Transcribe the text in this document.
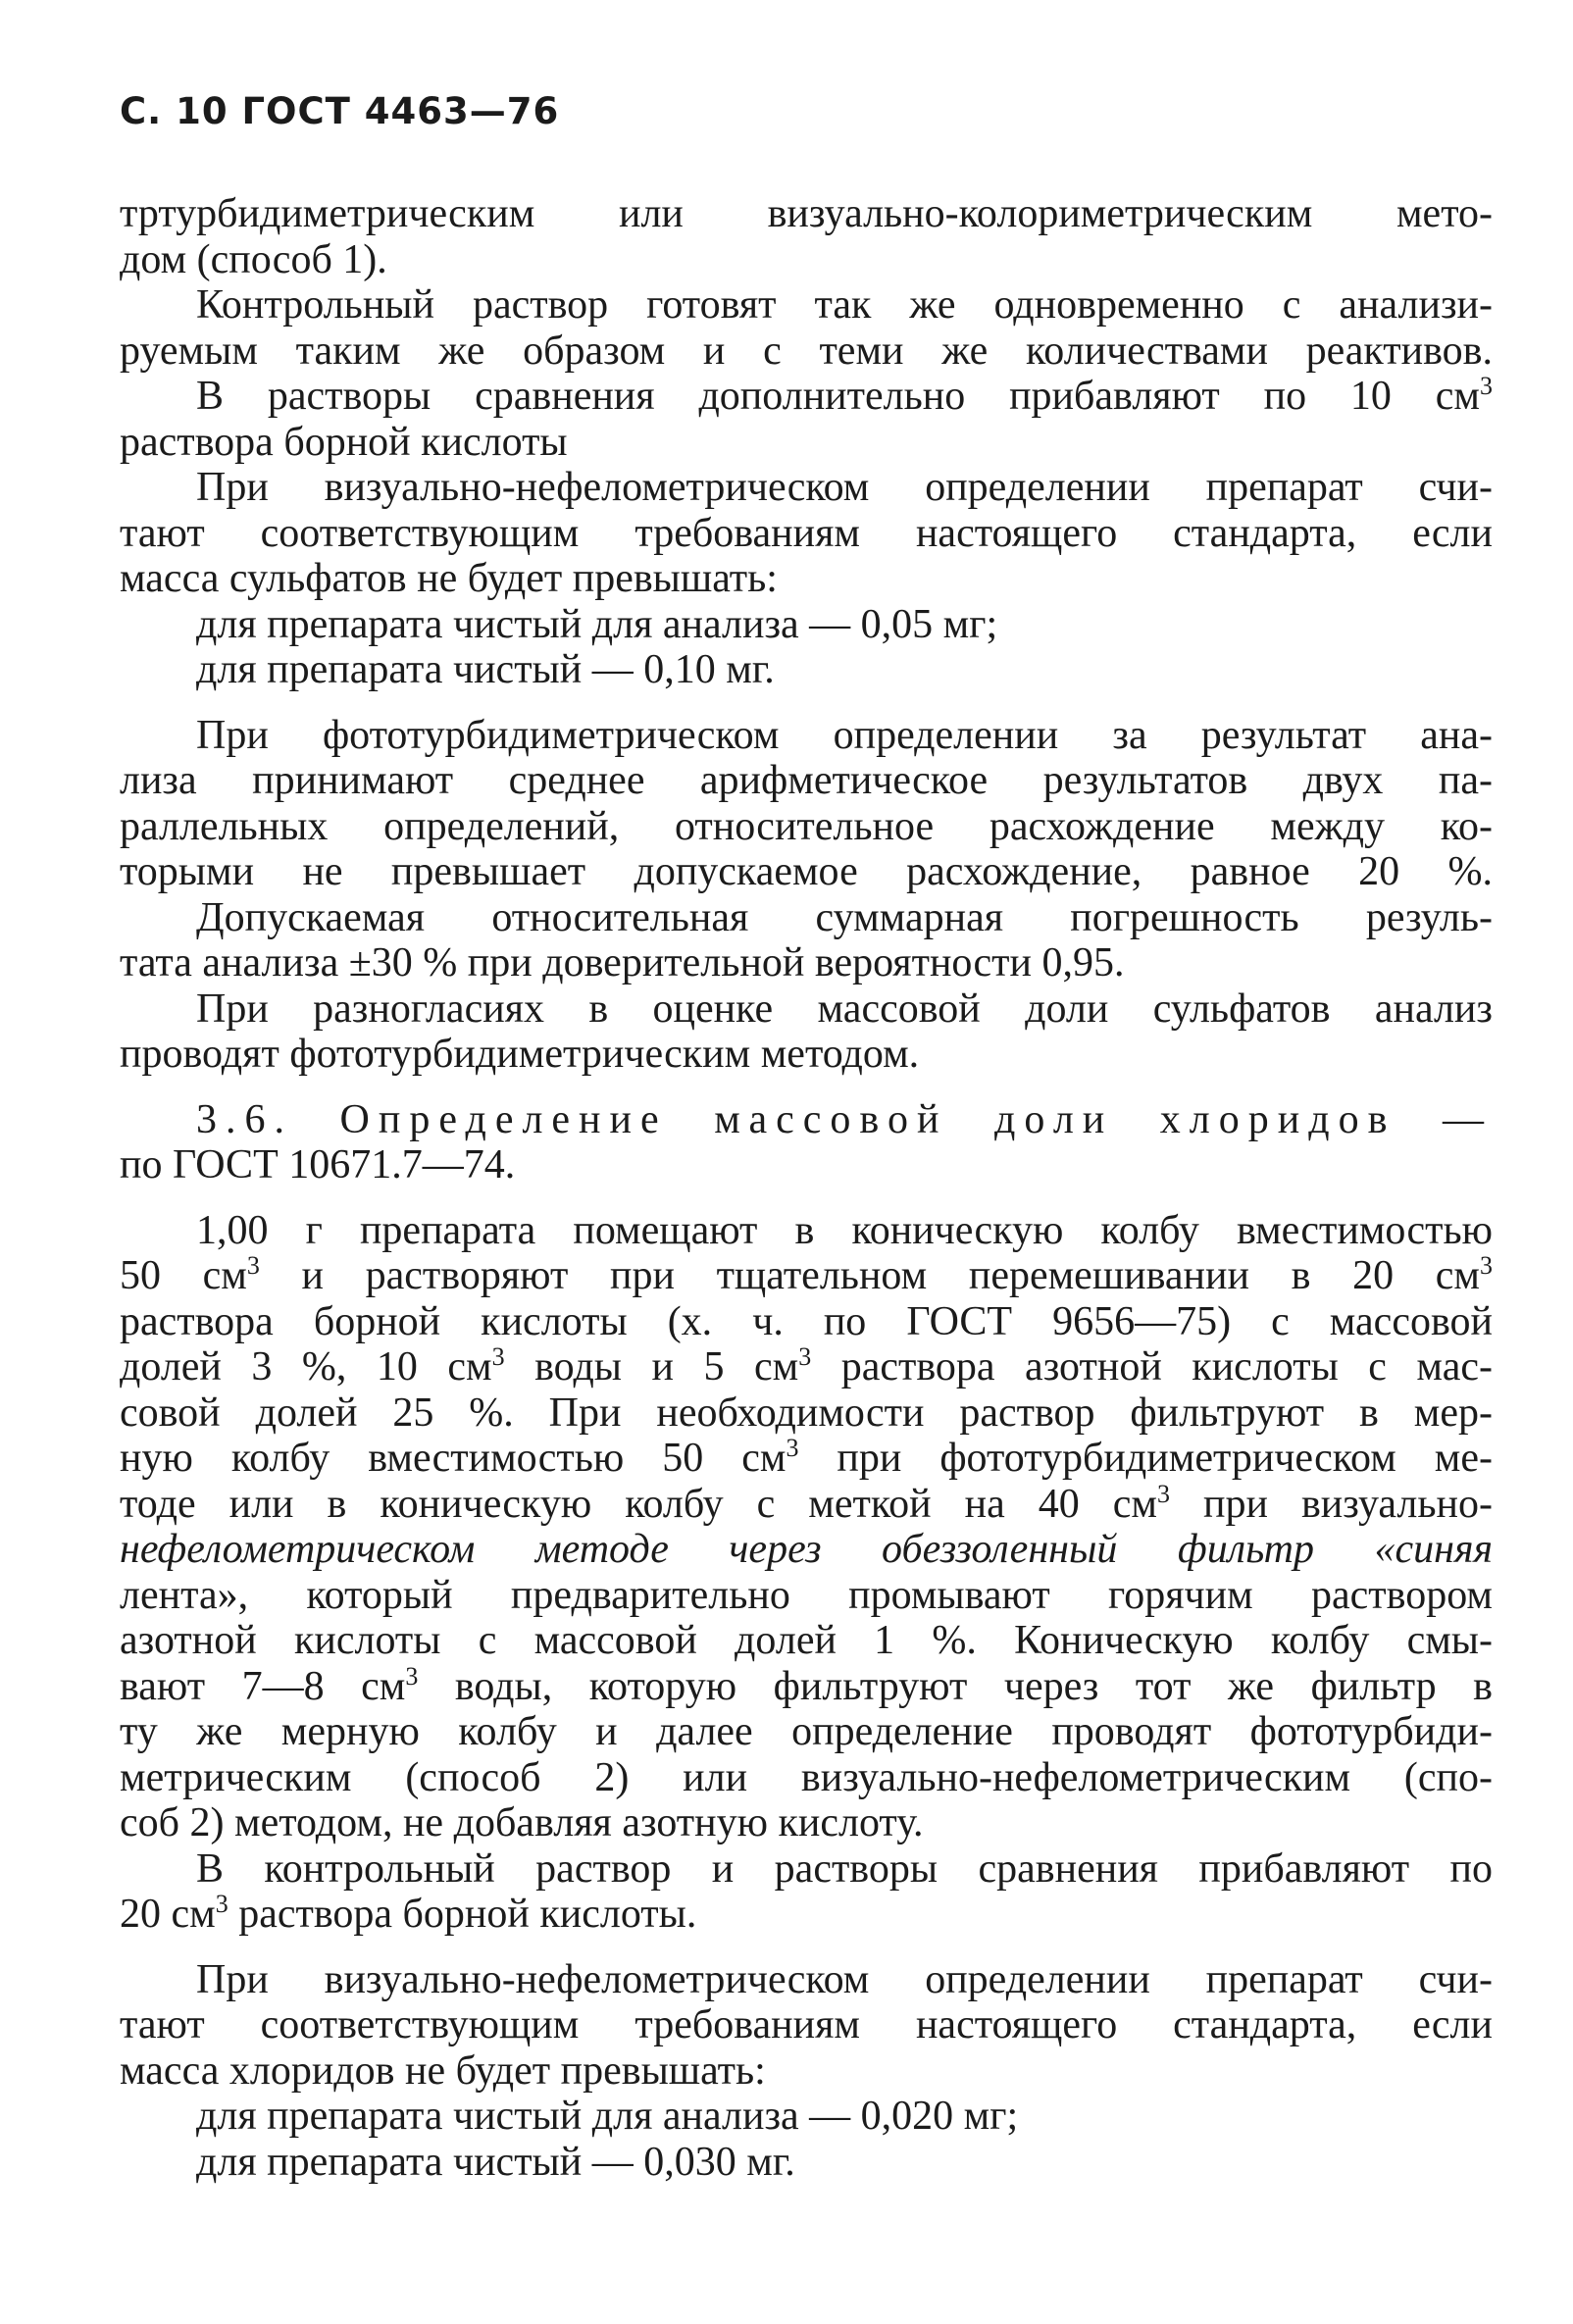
С. 10 ГОСТ 4463—76
тртурбидиметрическим или визуально-колориметрическим мето-
дом (способ 1).
Контрольный раствор готовят так же одновременно с анализи-
руемым таким же образом и с теми же количествами реактивов.
В растворы сравнения дополнительно прибавляют по 10 $см^3$
раствора борной кислоты
При визуально-нефелометрическом определении препарат счи-
тают соответствующим требованиям настоящего стандарта, если
масса сульфатов не будет превышать:
для препарата чистый для анализа — 0,05 мг;
для препарата чистый — 0,10 мг.
При фототурбидиметрическом определении за результат ана-
лиза принимают среднее арифметическое результатов двух па-
раллельных определений, относительное расхождение между ко-
торыми не превышает допускаемое расхождение, равное 20 %.
Допускаемая относительная суммарная погрешность резуль-
тата анализа ±30 % при доверительной вероятности 0,95.
При разногласиях в оценке массовой доли сульфатов анализ
проводят фототурбидиметрическим методом.
3.6. Определение массовой доли хлоридов —
по ГОСТ 10671.7—74.
1,00 г препарата помещают в коническую колбу вместимостью
50 $см^3$ и растворяют при тщательном перемешивании в 20 $см^3$
раствора борной кислоты (х. ч. по ГОСТ 9656—75) с массовой
долей 3 %, 10 $см^3$ воды и 5 $см^3$ раствора азотной кислоты с мас-
совой долей 25 %. При необходимости раствор фильтруют в мер-
ную колбу вместимостью 50 $см^3$ при фототурбидиметрическом ме-
тоде или в коническую колбу с меткой на 40 $см^3$ при визуально-
нефелометрическом методе через обеззоленный фильтр «синяя
лента», который предварительно промывают горячим раствором
азотной кислоты с массовой долей 1 %. Коническую колбу смы-
вают 7—8 $см^3$ воды, которую фильтруют через тот же фильтр в
ту же мерную колбу и далее определение проводят фототурбиди-
метрическим (способ 2) или визуально-нефелометрическим (спо-
соб 2) методом, не добавляя азотную кислоту.
В контрольный раствор и растворы сравнения прибавляют по
20 $см^3$ раствора борной кислоты.
При визуально-нефелометрическом определении препарат счи-
тают соответствующим требованиям настоящего стандарта, если
масса хлоридов не будет превышать:
для препарата чистый для анализа — 0,020 мг;
для препарата чистый — 0,030 мг.
